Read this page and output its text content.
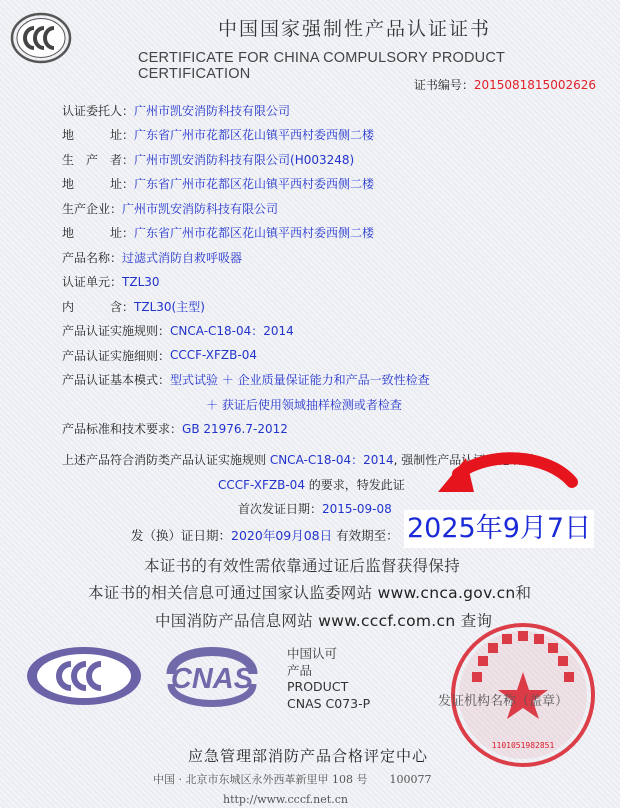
中国国家强制性产品认证证书
CERTIFICATE FOR CHINA COMPULSORY PRODUCT CERTIFICATION
证书编号：2015081815002626
认证委托人： 广州市凯安消防科技有限公司
地　　　址： 广东省广州市花都区花山镇平西村委西侧二楼
生　产　者： 广州市凯安消防科技有限公司(H003248)
地　　　址： 广东省广州市花都区花山镇平西村委西侧二楼
生产企业： 广州市凯安消防科技有限公司
地　　　址： 广东省广州市花都区花山镇平西村委西侧二楼
产品名称： 过滤式消防自救呼吸器
认证单元： TZL30
内　　　含： TZL30(主型)
产品认证实施规则： CNCA-C18-04：2014
产品认证实施细则： CCCF-XFZB-04
产品认证基本模式： 型式试验 ＋ 企业质量保证能力和产品一致性检查
＋ 获证后使用领域抽样检测或者检查
产品标准和技术要求： GB 21976.7-2012
上述产品符合消防类产品认证实施规则 CNCA-C18-04：2014, 强制性产品认证实施细则
CCCF-XFZB-04 的要求，特发此证
首次发证日期：2015-09-08
发（换）证日期：2020年09月08日 有效期至： 2025年9月7日
本证书的有效性需依靠通过证后监督获得保持
本证书的相关信息可通过国家认监委网站 www.cnca.gov.cn和
中国消防产品信息网站 www.cccf.com.cn 查询
CNAS
中国认可
产品
PRODUCT
CNAS C073-P
1101051982851
发证机构名称（盖章）
应急管理部消防产品合格评定中心
中国 · 北京市东城区永外西革新里甲 108 号　　100077
http://www.cccf.net.cn
